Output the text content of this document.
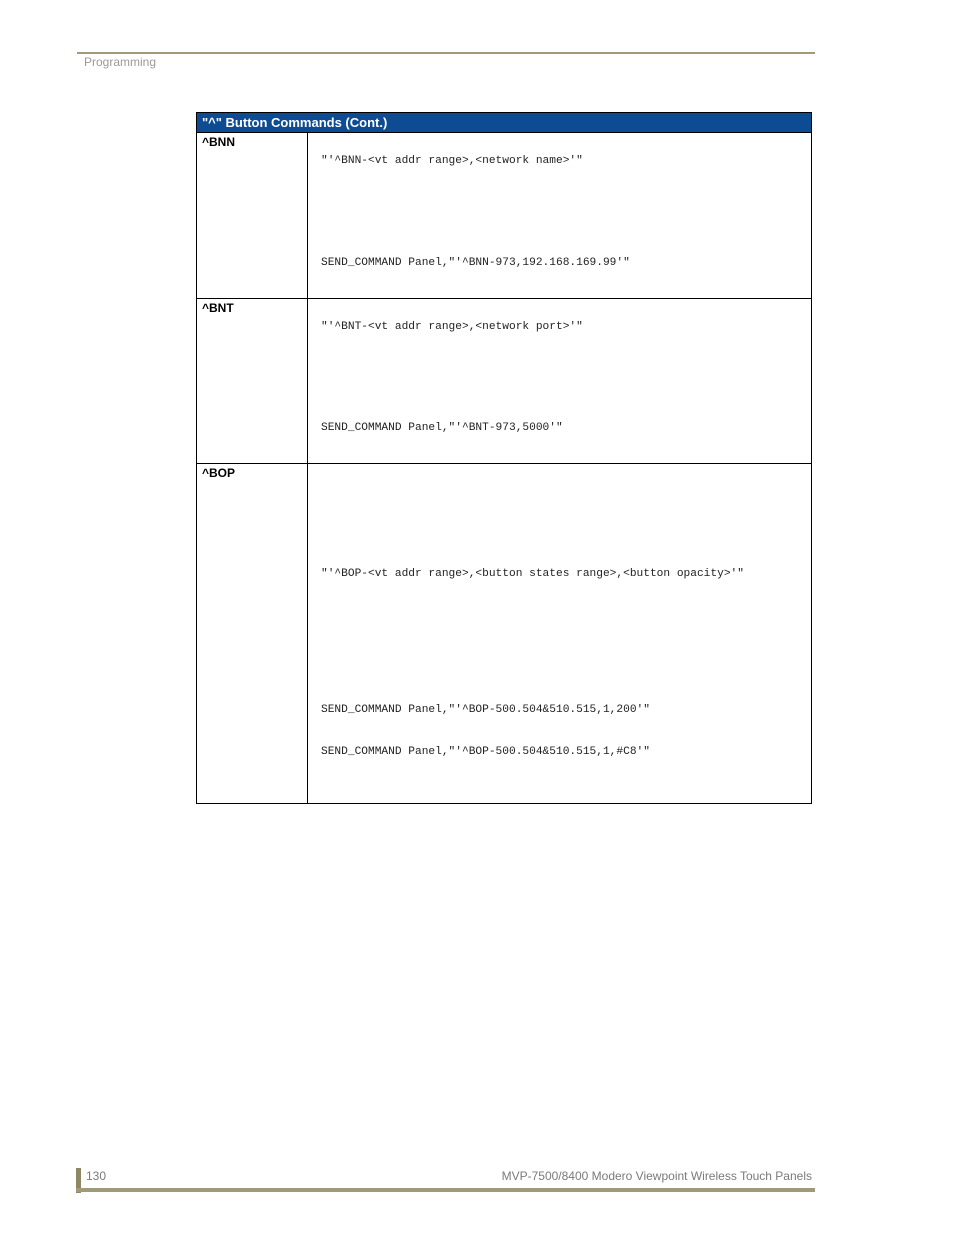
Programming
"^" Button Commands (Cont.)	
^BNN	"'^BNN-<vt addr range>,<network name>'"
SEND_COMMAND Panel,"'^BNN-973,192.168.169.99'"

^BNT	"'^BNT-<vt addr range>,<network port>'"
SEND_COMMAND Panel,"'^BNT-973,5000'"

^BOP	"'^BOP-<vt addr range>,<button states range>,<button opacity>'"
SEND_COMMAND Panel,"'^BOP-500.504&510.515,1,200'"
SEND_COMMAND Panel,"'^BOP-500.504&510.515,1,#C8'"
130	MVP-7500/8400 Modero Viewpoint Wireless Touch Panels
